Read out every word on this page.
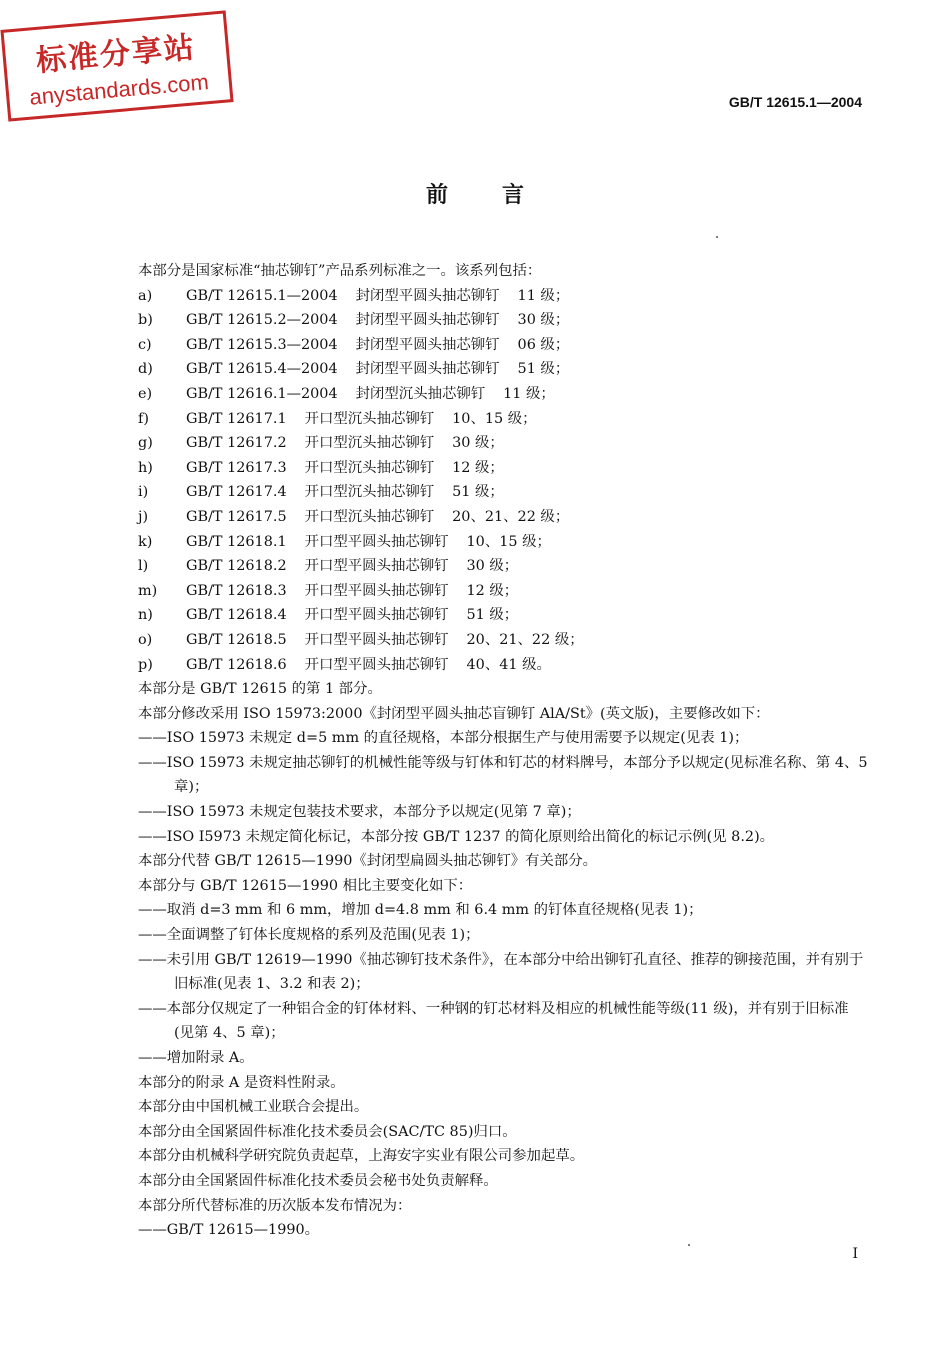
标准分享站
anystandards.com	GB/T 12615.1—2004
前言
本部分是国家标准“抽芯铆钉”产品系列标准之一。该系列包括：
a)	GB/T 12615.1—2004 封闭型平圆头抽芯铆钉 11 级；
b)	GB/T 12615.2—2004 封闭型平圆头抽芯铆钉 30 级；
c)	GB/T 12615.3—2004 封闭型平圆头抽芯铆钉 06 级；
d)	GB/T 12615.4—2004 封闭型平圆头抽芯铆钉 51 级；
e)	GB/T 12616.1—2004 封闭型沉头抽芯铆钉 11 级；
f)	GB/T 12617.1 开口型沉头抽芯铆钉 10、15 级；
g)	GB/T 12617.2 开口型沉头抽芯铆钉 30 级；
h)	GB/T 12617.3 开口型沉头抽芯铆钉 12 级；
i)	GB/T 12617.4 开口型沉头抽芯铆钉 51 级；
j)	GB/T 12617.5 开口型沉头抽芯铆钉 20、21、22 级；
k)	GB/T 12618.1 开口型平圆头抽芯铆钉 10、15 级；
l)	GB/T 12618.2 开口型平圆头抽芯铆钉 30 级；
m)	GB/T 12618.3 开口型平圆头抽芯铆钉 12 级；
n)	GB/T 12618.4 开口型平圆头抽芯铆钉 51 级；
o)	GB/T 12618.5 开口型平圆头抽芯铆钉 20、21、22 级；
p)	GB/T 12618.6 开口型平圆头抽芯铆钉 40、41 级。
本部分是 GB/T 12615 的第 1 部分。
本部分修改采用 ISO 15973:2000《封闭型平圆头抽芯盲铆钉 AlA/St》(英文版)，主要修改如下：
——ISO 15973 未规定 d=5 mm 的直径规格，本部分根据生产与使用需要予以规定(见表 1)；
——ISO 15973 未规定抽芯铆钉的机械性能等级与钉体和钉芯的材料牌号，本部分予以规定(见标准名称、第 4、5 章)；
——ISO 15973 未规定包装技术要求，本部分予以规定(见第 7 章)；
——ISO I5973 未规定简化标记，本部分按 GB/T 1237 的简化原则给出简化的标记示例(见 8.2)。
本部分代替 GB/T 12615—1990《封闭型扁圆头抽芯铆钉》有关部分。
本部分与 GB/T 12615—1990 相比主要变化如下：
——取消 d=3 mm 和 6 mm，增加 d=4.8 mm 和 6.4 mm 的钉体直径规格(见表 1)；
——全面调整了钉体长度规格的系列及范围(见表 1)；
——未引用 GB/T 12619—1990《抽芯铆钉技术条件》，在本部分中给出铆钉孔直径、推荐的铆接范围，并有别于旧标准(见表 1、3.2 和表 2)；
——本部分仅规定了一种铝合金的钉体材料、一种钢的钉芯材料及相应的机械性能等级(11 级)，并有别于旧标准(见第 4、5 章)；
——增加附录 A。
本部分的附录 A 是资料性附录。
本部分由中国机械工业联合会提出。
本部分由全国紧固件标准化技术委员会(SAC/TC 85)归口。
本部分由机械科学研究院负责起草，上海安字实业有限公司参加起草。
本部分由全国紧固件标准化技术委员会秘书处负责解释。
本部分所代替标准的历次版本发布情况为：
——GB/T 12615—1990。
I
